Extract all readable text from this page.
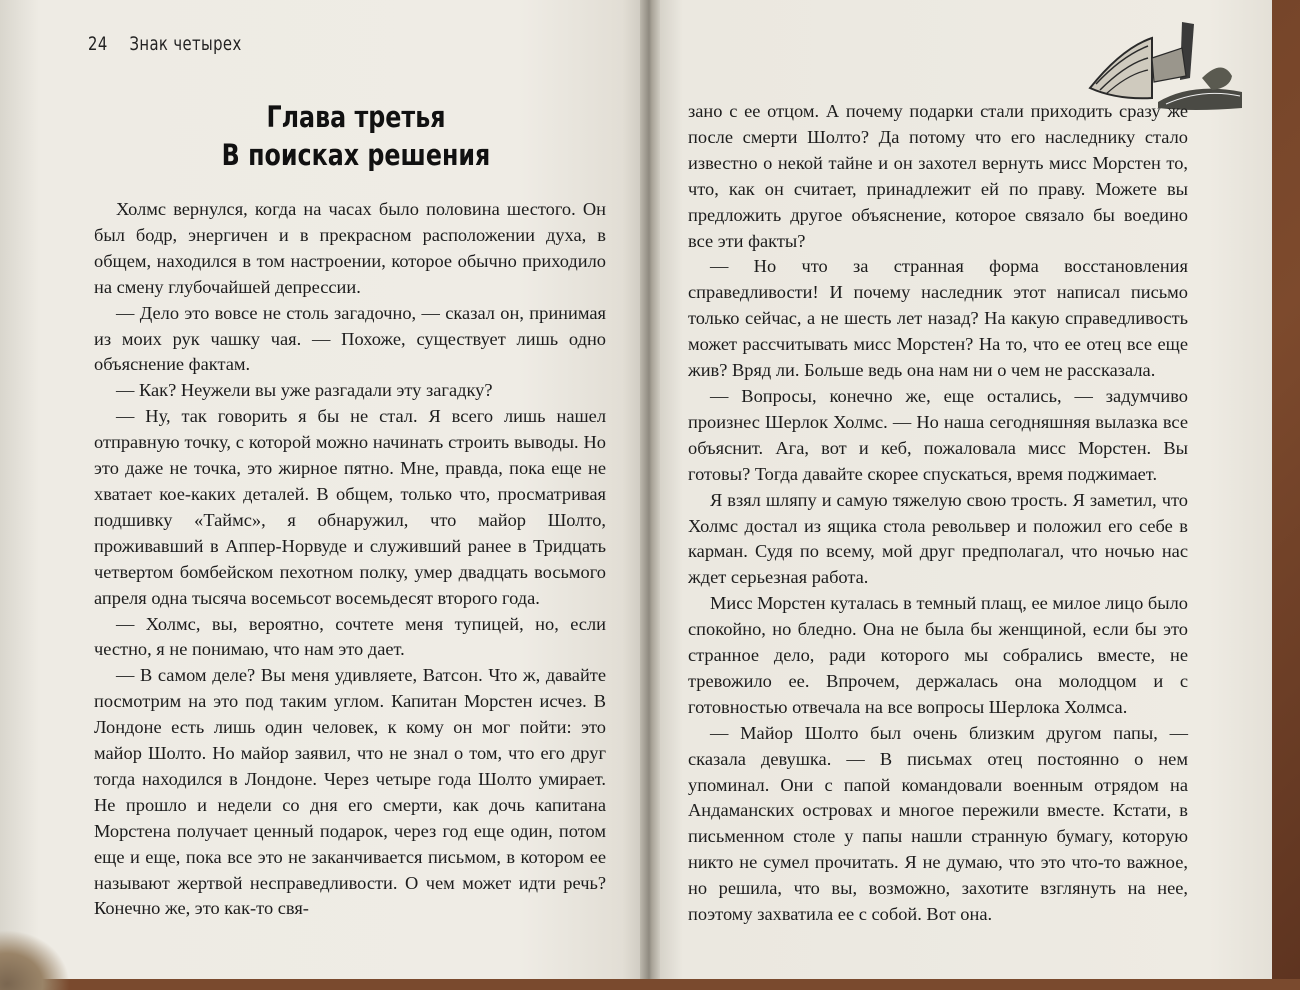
24 Знак четырех
Глава третья
В поисках решения

Холмс вернулся, когда на часах было половина шестого. Он был бодр, энергичен и в прекрасном расположении духа, в общем, находился в том настроении, которое обычно приходило на смену глубочайшей депрессии.

— Дело это вовсе не столь загадочно, — сказал он, принимая из моих рук чашку чая. — Похоже, существует лишь одно объяснение фактам.

— Как? Неужели вы уже разгадали эту загадку?

— Ну, так говорить я бы не стал. Я всего лишь нашел отправную точку, с которой можно начинать строить выводы. Но это даже не точка, это жирное пятно. Мне, правда, пока еще не хватает кое-каких деталей. В общем, только что, просматривая подшивку «Таймс», я обнаружил, что майор Шолто, проживавший в Аппер-Норвуде и служивший ранее в Тридцать четвертом бомбейском пехотном полку, умер двадцать восьмого апреля одна тысяча восемьсот восемьдесят второго года.

— Холмс, вы, вероятно, сочтете меня тупицей, но, если честно, я не понимаю, что нам это дает.

— В самом деле? Вы меня удивляете, Ватсон. Что ж, давайте посмотрим на это под таким углом. Капитан Морстен исчез. В Лондоне есть лишь один человек, к кому он мог пойти: это майор Шолто. Но майор заявил, что не знал о том, что его друг тогда находился в Лондоне. Через четыре года Шолто умирает. Не прошло и недели со дня его смерти, как дочь капитана Морстена получает ценный подарок, через год еще один, потом еще и еще, пока все это не заканчивается письмом, в котором ее называют жертвой несправедливости. О чем может идти речь? Конечно же, это как-то свя-

зано с ее отцом. А почему подарки стали приходить сразу же после смерти Шолто? Да потому что его наследнику стало известно о некой тайне и он захотел вернуть мисс Морстен то, что, как он считает, принадлежит ей по праву. Можете вы предложить другое объяснение, которое связало бы воедино все эти факты?

— Но что за странная форма восстановления справедливости! И почему наследник этот написал письмо только сейчас, а не шесть лет назад? На какую справедливость может рассчитывать мисс Морстен? На то, что ее отец все еще жив? Вряд ли. Больше ведь она нам ни о чем не рассказала.

— Вопросы, конечно же, еще остались, — задумчиво произнес Шерлок Холмс. — Но наша сегодняшняя вылазка все объяснит. Ага, вот и кеб, пожаловала мисс Морстен. Вы готовы? Тогда давайте скорее спускаться, время поджимает.

Я взял шляпу и самую тяжелую свою трость. Я заметил, что Холмс достал из ящика стола револьвер и положил его себе в карман. Судя по всему, мой друг предполагал, что ночью нас ждет серьезная работа.

Мисс Морстен куталась в темный плащ, ее милое лицо было спокойно, но бледно. Она не была бы женщиной, если бы это странное дело, ради которого мы собрались вместе, не тревожило ее. Впрочем, держалась она молодцом и с готовностью отвечала на все вопросы Шерлока Холмса.

— Майор Шолто был очень близким другом папы, — сказала девушка. — В письмах отец постоянно о нем упоминал. Они с папой командовали военным отрядом на Андаманских островах и многое пережили вместе. Кстати, в письменном столе у папы нашли странную бумагу, которую никто не сумел прочитать. Я не думаю, что это что-то важное, но решила, что вы, возможно, захотите взглянуть на нее, поэтому захватила ее с собой. Вот она.
